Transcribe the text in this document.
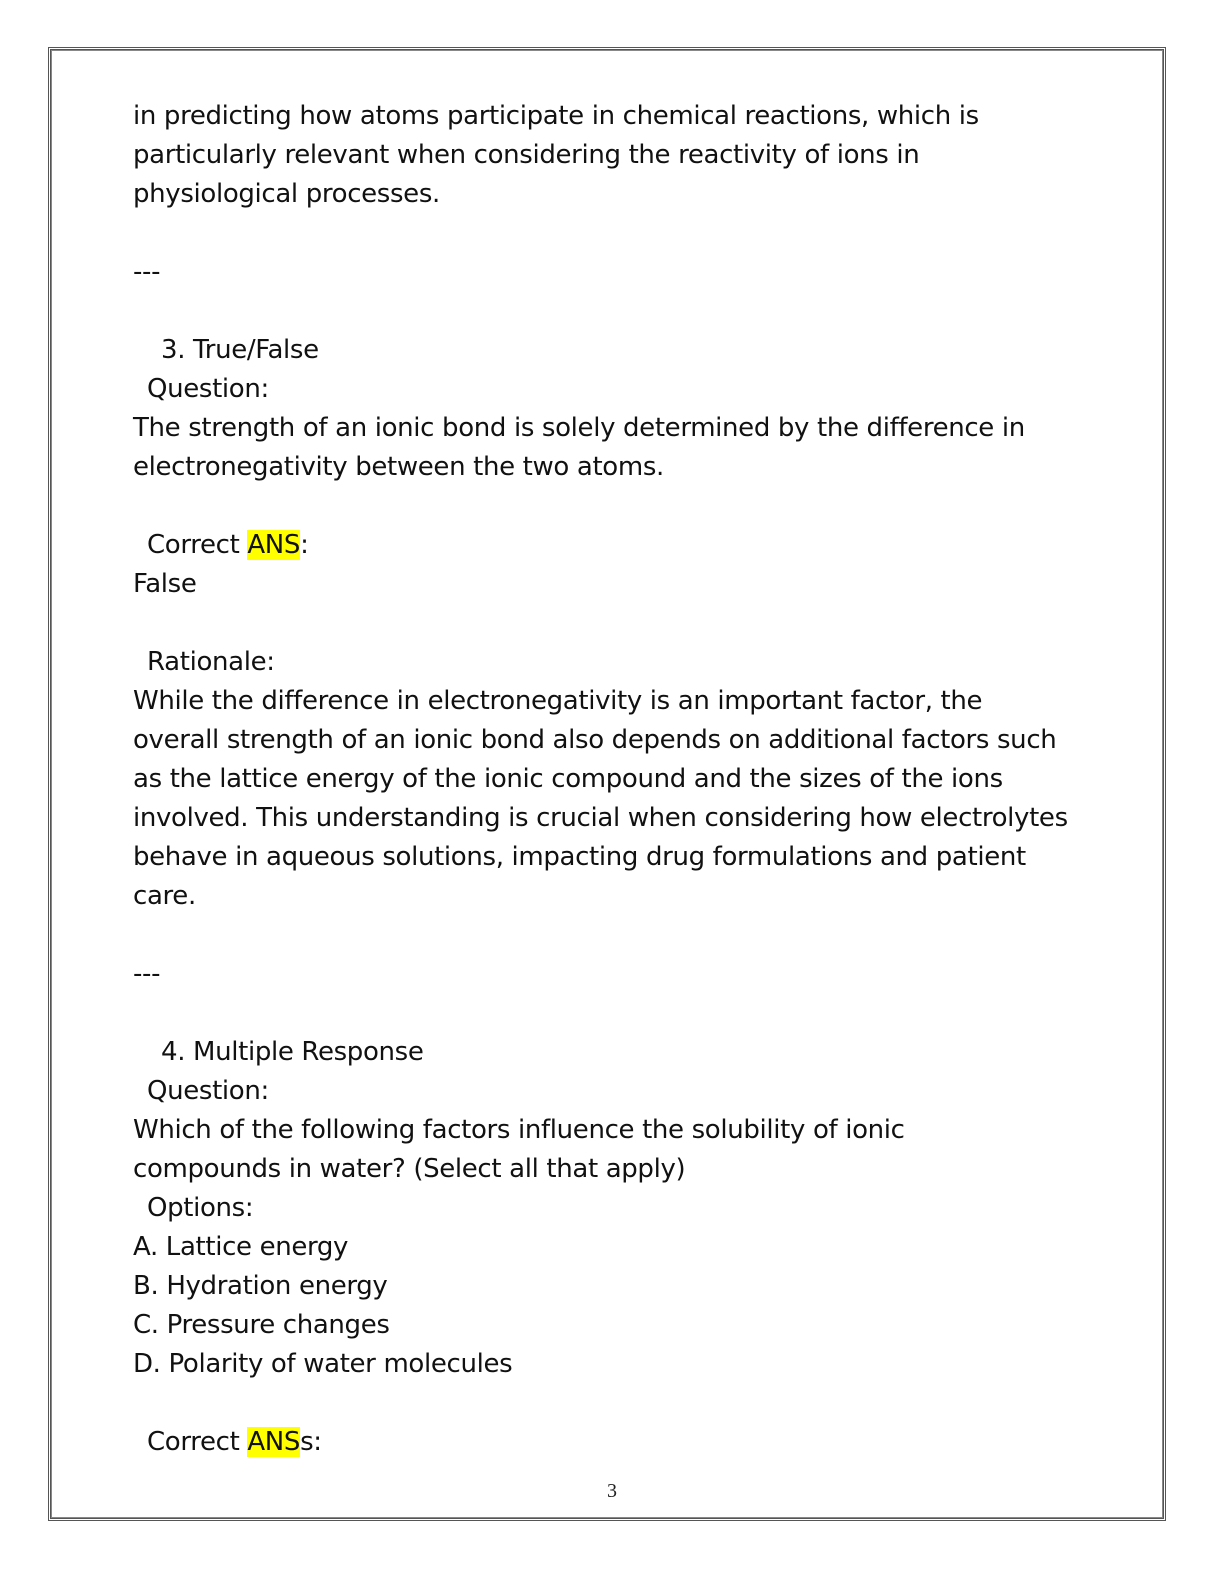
in predicting how atoms participate in chemical reactions, which is
particularly relevant when considering the reactivity of ions in
physiological processes.
---
3. True/False
Question:
The strength of an ionic bond is solely determined by the difference in
electronegativity between the two atoms.
Correct ANS:
False
Rationale:
While the difference in electronegativity is an important factor, the
overall strength of an ionic bond also depends on additional factors such
as the lattice energy of the ionic compound and the sizes of the ions
involved. This understanding is crucial when considering how electrolytes
behave in aqueous solutions, impacting drug formulations and patient
care.
---
4. Multiple Response
Question:
Which of the following factors influence the solubility of ionic
compounds in water? (Select all that apply)
Options:
A. Lattice energy
B. Hydration energy
C. Pressure changes
D. Polarity of water molecules
Correct ANSs:
3
